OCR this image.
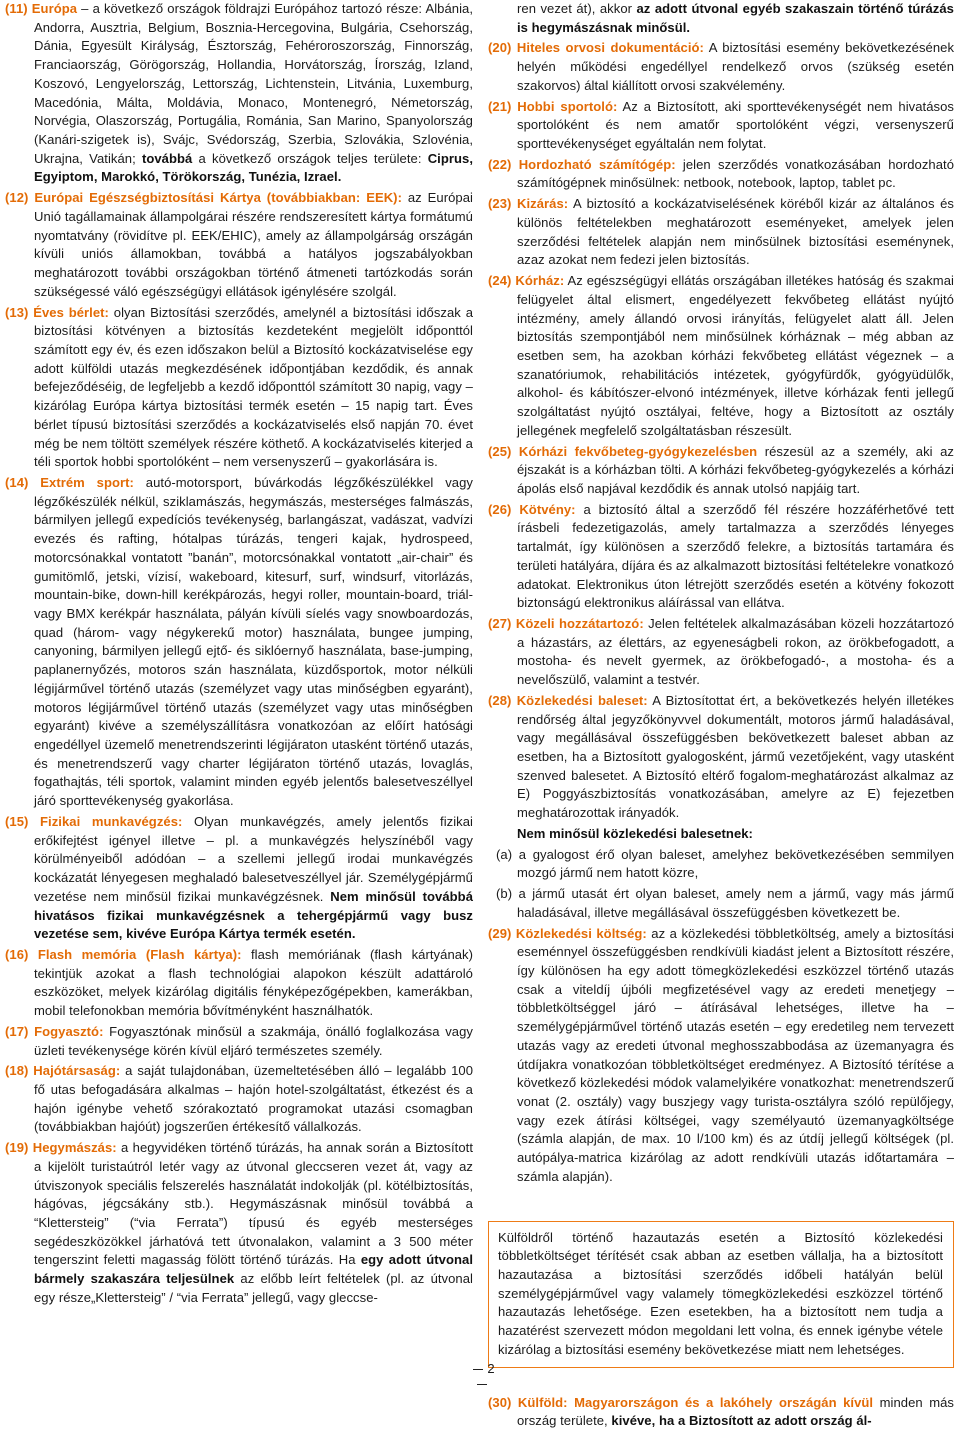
(11) Európa – a következő országok földrajzi Európához tartozó része: Albánia, Andorra, Ausztria, Belgium, Bosznia-Hercegovina, Bulgária, Csehország, Dánia, Egyesült Királyság, Észtország, Fehéroroszország, Finnország, Franciaország, Görögország, Hollandia, Horvátország, Írország, Izland, Koszovó, Lengyelország, Lettország, Lichtenstein, Litvánia, Luxemburg, Macedónia, Málta, Moldávia, Monaco, Montenegró, Németország, Norvégia, Olaszország, Portugália, Románia, San Marino, Spanyolország (Kanári-szigetek is), Svájc, Svédország, Szerbia, Szlovákia, Szlovénia, Ukrajna, Vatikán; továbbá a következő országok teljes területe: Ciprus, Egyiptom, Marokkó, Törökország, Tunézia, Izrael.

(12) Európai Egészségbiztosítási Kártya (továbbiakban: EEK): az Európai Unió tagállamainak állampolgárai részére rendszeresített kártya formátumú nyomtatvány (rövidítve pl. EEK/EHIC), amely az állampolgárság országán kívüli uniós államokban, továbbá a hatályos jogszabályokban meghatározott további országokban történő átmeneti tartózkodás során szükségessé váló egészségügyi ellátások igénylésére szolgál.

(13) Éves bérlet: olyan Biztosítási szerződés, amelynél a biztosítási időszak a biztosítási kötvényen a biztosítás kezdeteként megjelölt időponttól számított egy év, és ezen időszakon belül a Biztosító kockázatviselése egy adott külföldi utazás megkezdésének időpontjában kezdődik, és annak befejeződéséig, de legfeljebb a kezdő időponttól számított 30 napig, vagy – kizárólag Európa kártya biztosítási termék esetén – 15 napig tart. Éves bérlet típusú biztosítási szerződés a kockázatviselés első napján 70. évet még be nem töltött személyek részére köthető. A kockázatviselés kiterjed a téli sportok hobbi sportolóként – nem versenyszerű – gyakorlására is.

(14) Extrém sport: autó-motorsport, búvárkodás légzőkészülékkel vagy légzőkészülék nélkül, sziklamászás, hegymászás, mesterséges falmászás, bármilyen jellegű expedíciós tevékenység, barlangászat, vadászat, vadvízi evezés és rafting, hótalpas túrázás, tengeri kajak, hydrospeed, motorcsónakkal vontatott ”banán”, motorcsónakkal vontatott „air-chair” és gumitömlő, jetski, vízisí, wakeboard, kitesurf, surf, windsurf, vitorlázás, mountain-bike, down-hill kerékpározás, hegyi roller, mountain-board, triál- vagy BMX kerékpár használata, pályán kívüli síelés vagy snowboardozás, quad (három- vagy négykerekű motor) használata, bungee jumping, canyoning, bármilyen jellegű ejtő- és siklóernyő használata, base-jumping, paplanernyőzés, motoros szán használata, küzdősportok, motor nélküli légijárművel történő utazás (személyzet vagy utas minőségben egyaránt), motoros légijárművel történő utazás (személyzet vagy utas minőségben egyaránt) kivéve a személyszállításra vonatkozóan az előírt hatósági engedéllyel üzemelő menetrendszerinti légijáraton utasként történő utazás, és menetrendszerű vagy charter légijáraton történő utazás, lovaglás, fogathajtás, téli sportok, valamint minden egyéb jelentős balesetveszéllyel járó sporttevékenység gyakorlása.

(15) Fizikai munkavégzés: Olyan munkavégzés, amely jelentős fizikai erőkifejtést igényel illetve – pl. a munkavégzés helyszínéből vagy körülményeiből adódóan – a szellemi jellegű irodai munkavégzés kockázatát lényegesen meghaladó balesetveszéllyel jár. Személygépjármű vezetése nem minősül fizikai munkavégzésnek. Nem minősül továbbá hivatásos fizikai munkavégzésnek a tehergépjármű vagy busz vezetése sem, kivéve Európa Kártya termék esetén.

(16) Flash memória (Flash kártya): flash memóriának (flash kártyának) tekintjük azokat a flash technológiai alapokon készült adattároló eszközöket, melyek kizárólag digitális fényképezőgépekben, kamerákban, mobil telefonokban memória bővítményként használhatók.

(17) Fogyasztó: Fogyasztónak minősül a szakmája, önálló foglalkozása vagy üzleti tevékenysége körén kívül eljáró természetes személy.

(18) Hajótársaság: a saját tulajdonában, üzemeltetésében álló – legalább 100 fő utas befogadására alkalmas – hajón hotel-szolgáltatást, étkezést és a hajón igénybe vehető szórakoztató programokat utazási csomagban (továbbiakban hajóút) jogszerűen értékesítő vállalkozás.

(19) Hegymászás: a hegyvidéken történő túrázás, ha annak során a Biztosított a kijelölt turistaútról letér vagy az útvonal gleccseren vezet át, vagy az útviszonyok speciális felszerelés használatát indokolják (pl. kötélbiztosítás, hágóvas, jégcsákány stb.). Hegymászásnak minősül továbbá a “Klettersteig” (“via Ferrata”) típusú és egyéb mesterséges segédeszközökkel járhatóvá tett útvonalakon, valamint a 3 500 méter tengerszint feletti magasság fölött történő túrázás. Ha egy adott útvonal bármely szakaszára teljesülnek az előbb leírt feltételek (pl. az útvonal egy része„Klettersteig” / “via Ferrata” jellegű, vagy gleccse-

ren vezet át), akkor az adott útvonal egyéb szakaszain történő túrázás is hegymászásnak minősül.

(20) Hiteles orvosi dokumentáció: A biztosítási esemény bekövetkezésének helyén működési engedéllyel rendelkező orvos (szükség esetén szakorvos) által kiállított orvosi szakvélemény.

(21) Hobbi sportoló: Az a Biztosított, aki sporttevékenységét nem hivatásos sportolóként és nem amatőr sportolóként végzi, versenyszerű sporttevékenységet egyáltalán nem folytat.

(22) Hordozható számítógép: jelen szerződés vonatkozásában hordozható számítógépnek minősülnek: netbook, notebook, laptop, tablet pc.

(23) Kizárás: A biztosító a kockázatviselésének köréből kizár az általános és különös feltételekben meghatározott eseményeket, amelyek jelen szerződési feltételek alapján nem minősülnek biztosítási eseménynek, azaz azokat nem fedezi jelen biztosítás.

(24) Kórház: Az egészségügyi ellátás országában illetékes hatóság és szakmai felügyelet által elismert, engedélyezett fekvőbeteg ellátást nyújtó intézmény, amely állandó orvosi irányítás, felügyelet alatt áll. Jelen biztosítás szempontjából nem minősülnek kórháznak – még abban az esetben sem, ha azokban kórházi fekvőbeteg ellátást végeznek – a szanatóriumok, rehabilitációs intézetek, gyógyfürdők, gyógyüdülők, alkohol- és kábítószer-elvonó intézmények, illetve kórházak fenti jellegű szolgáltatást nyújtó osztályai, feltéve, hogy a Biztosított az osztály jellegének megfelelő szolgáltatásban részesült.

(25) Kórházi fekvőbeteg-gyógykezelésben részesül az a személy, aki az éjszakát is a kórházban tölti. A kórházi fekvőbeteg-gyógykezelés a kórházi ápolás első napjával kezdődik és annak utolsó napjáig tart.

(26) Kötvény: a biztosító által a szerződő fél részére hozzáférhetővé tett írásbeli fedezetigazolás, amely tartalmazza a szerződés lényeges tartalmát, így különösen a szerződő felekre, a biztosítás tartamára és területi hatályára, díjára és az alkalmazott biztosítási feltételekre vonatkozó adatokat. Elektronikus úton létrejött szerződés esetén a kötvény fokozott biztonságú elektronikus aláírással van ellátva.

(27) Közeli hozzátartozó: Jelen feltételek alkalmazásában közeli hozzátartozó a házastárs, az élettárs, az egyeneságbeli rokon, az örökbefogadott, a mostoha- és nevelt gyermek, az örökbefogadó-, a mostoha- és a nevelőszülő, valamint a testvér.

(28) Közlekedési baleset: A Biztosítottat ért, a bekövetkezés helyén illetékes rendőrség által jegyzőkönyvvel dokumentált, motoros jármű haladásával, vagy megállásával összefüggésben bekövetkezett baleset abban az esetben, ha a Biztosított gyalogosként, jármű vezetőjeként, vagy utasként szenved balesetet. A Biztosító eltérő fogalom-meghatározást alkalmaz az E) Poggyászbiztosítás vonatkozásában, amelyre az E) fejezetben meghatározottak irányadók.

Nem minősül közlekedési balesetnek:

(a) a gyalogost érő olyan baleset, amelyhez bekövetkezésében semmilyen mozgó jármű nem hatott közre,

(b) a jármű utasát ért olyan baleset, amely nem a jármű, vagy más jármű haladásával, illetve megállásával összefüggésben következett be.

(29) Közlekedési költség: az a közlekedési többletköltség, amely a biztosítási eseménnyel összefüggésben rendkívüli kiadást jelent a Biztosított részére, így különösen ha egy adott tömegközlekedési eszközzel történő utazás csak a viteldíj újbóli megfizetésével vagy az eredeti menetjegy – többletköltséggel járó – átírásával lehetséges, illetve ha – személygépjárművel történő utazás esetén – egy eredetileg nem tervezett utazás vagy az eredeti útvonal meghosszabbodása az üzemanyagra és útdíjakra vonatkozóan többletköltséget eredményez. A Biztosító térítése a következő közlekedési módok valamelyikére vonatkozhat: menetrendszerű vonat (2. osztály) vagy buszjegy vagy turista-osztályra szóló repülőjegy, vagy ezek átírási költségei, vagy személyautó üzemanyagköltsége (számla alapján, de max. 10 l/100 km) és az útdíj jellegű költségek (pl. autópálya-matrica kizárólag az adott rendkívüli utazás időtartamára – számla alapján).

Külföldről történő hazautazás esetén a Biztosító közlekedési többletköltséget térítését csak abban az esetben vállalja, ha a biztosított hazautazása a biztosítási szerződés időbeli hatályán belül személygépjárművel vagy valamely tömegközlekedési eszközzel történő hazautazás lehetősége. Ezen esetekben, ha a biztosított nem tudja a hazatérést szervezett módon megoldani lett volna, és ennek igénybe vétele kizárólag a biztosítási esemény bekövetkezése miatt nem lehetséges.

(30) Külföld: Magyarországon és a lakóhely országán kívül minden más ország területe, kivéve, ha a Biztosított az adott ország ál-

2
